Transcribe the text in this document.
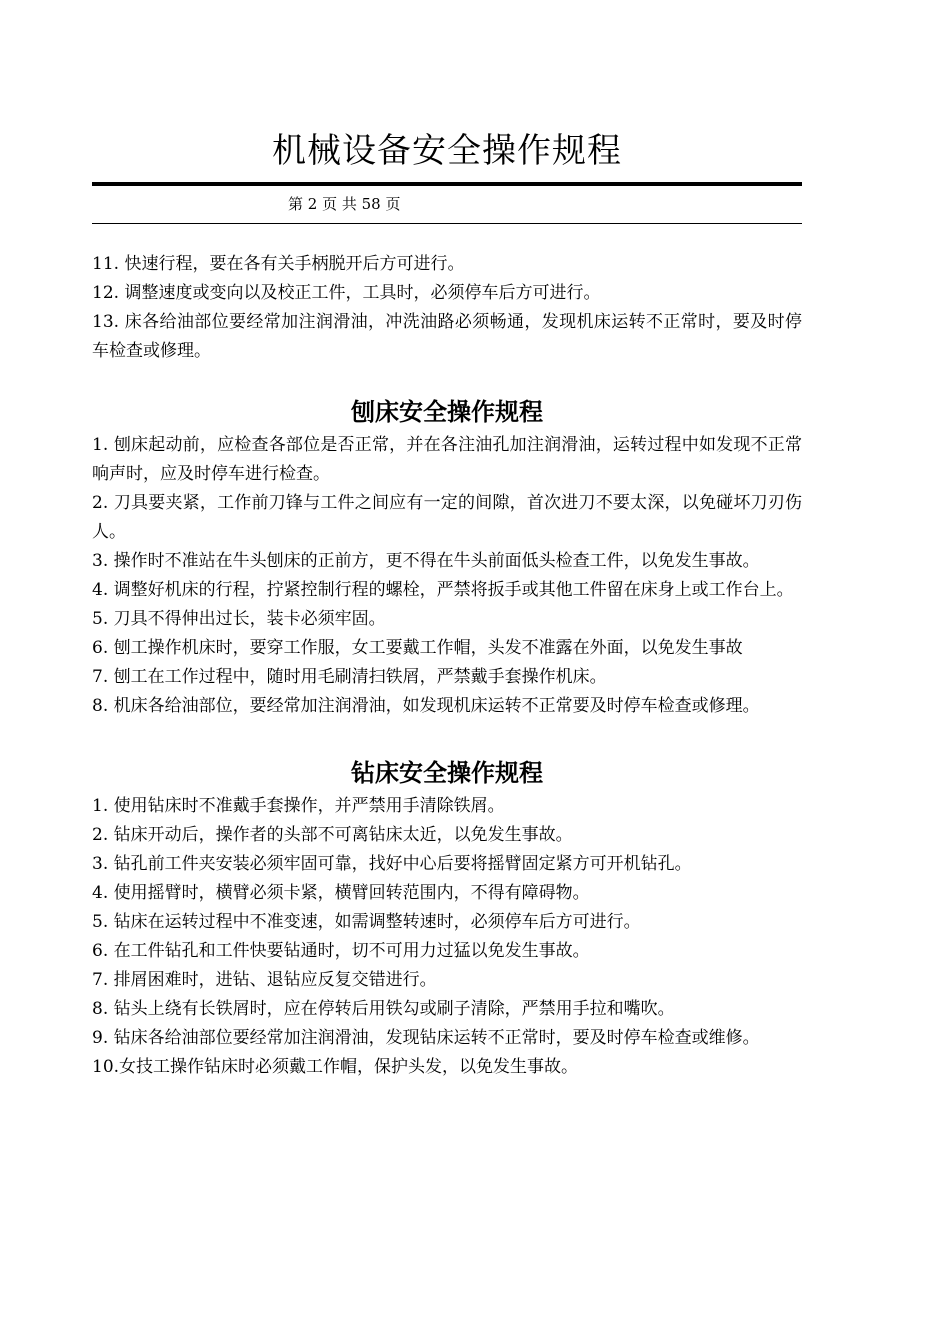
机械设备安全操作规程
第 2 页 共 58 页

11. 快速行程，要在各有关手柄脱开后方可进行。

12. 调整速度或变向以及校正工件，工具时，必须停车后方可进行。

13. 床各给油部位要经常加注润滑油，冲洗油路必须畅通，发现机床运转不正常时，要及时停车检查或修理。

刨床安全操作规程

1. 刨床起动前，应检查各部位是否正常，并在各注油孔加注润滑油，运转过程中如发现不正常响声时，应及时停车进行检查。

2. 刀具要夹紧，工作前刀锋与工件之间应有一定的间隙，首次进刀不要太深，以免碰坏刀刃伤人。

3. 操作时不准站在牛头刨床的正前方，更不得在牛头前面低头检查工件，以免发生事故。

4. 调整好机床的行程，拧紧控制行程的螺栓，严禁将扳手或其他工件留在床身上或工作台上。

5. 刀具不得伸出过长，装卡必须牢固。

6. 刨工操作机床时，要穿工作服，女工要戴工作帽，头发不准露在外面，以免发生事故

7. 刨工在工作过程中，随时用毛刷清扫铁屑，严禁戴手套操作机床。

8. 机床各给油部位，要经常加注润滑油，如发现机床运转不正常要及时停车检查或修理。

钻床安全操作规程

1. 使用钻床时不准戴手套操作，并严禁用手清除铁屑。

2. 钻床开动后，操作者的头部不可离钻床太近，以免发生事故。

3. 钻孔前工件夹安装必须牢固可靠，找好中心后要将摇臂固定紧方可开机钻孔。

4. 使用摇臂时，横臂必须卡紧，横臂回转范围内，不得有障碍物。

5. 钻床在运转过程中不准变速，如需调整转速时，必须停车后方可进行。

6. 在工件钻孔和工件快要钻通时，切不可用力过猛以免发生事故。

7. 排屑困难时，进钻、退钻应反复交错进行。

8. 钻头上绕有长铁屑时，应在停转后用铁勾或刷子清除，严禁用手拉和嘴吹。

9. 钻床各给油部位要经常加注润滑油，发现钻床运转不正常时，要及时停车检查或维修。

10.女技工操作钻床时必须戴工作帽，保护头发，以免发生事故。
